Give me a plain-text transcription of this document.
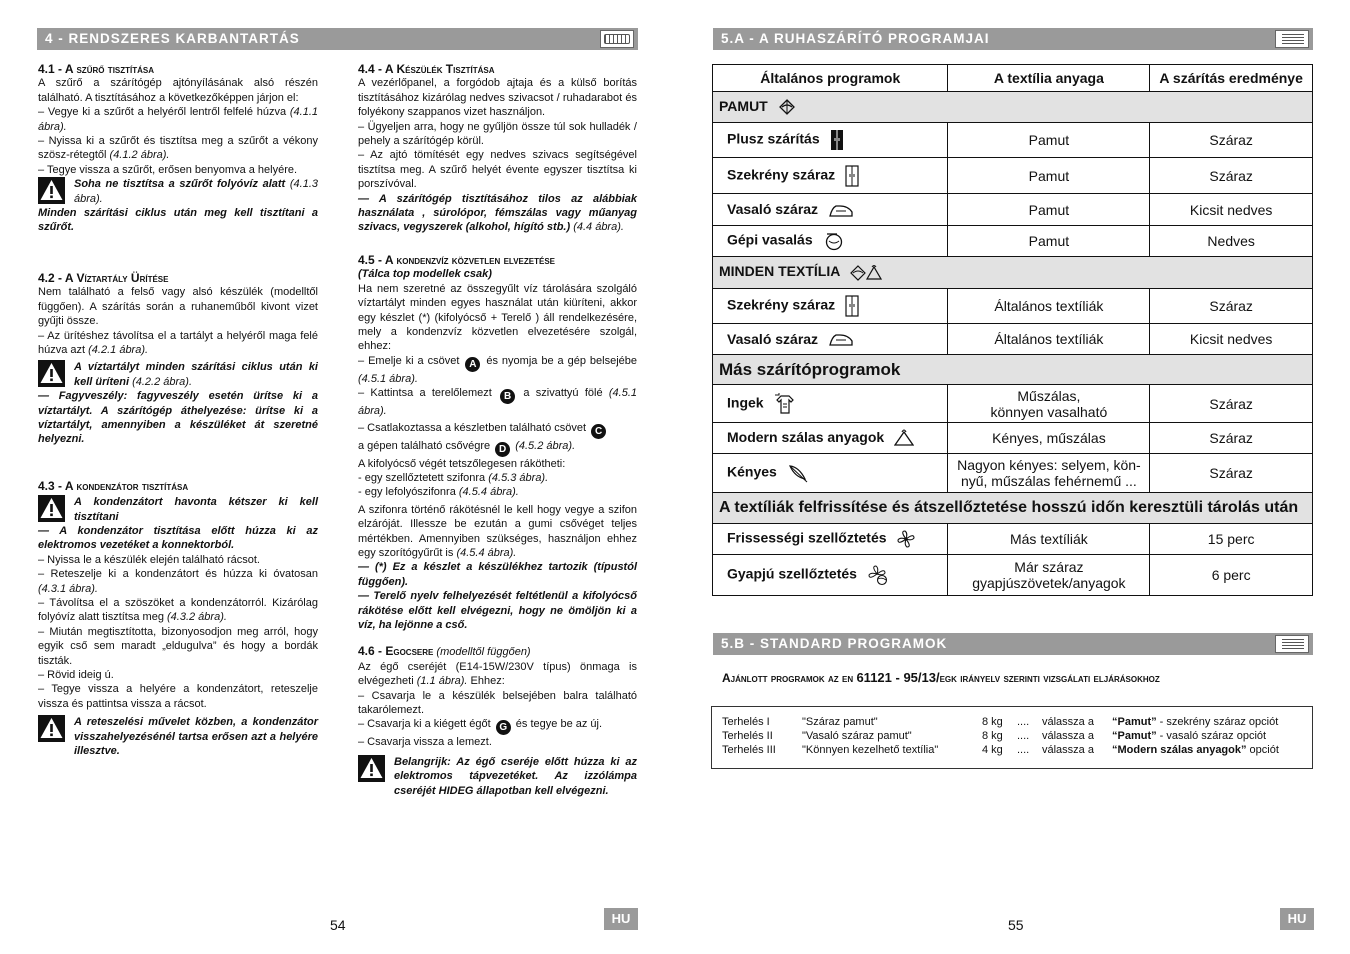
4 - RENDSZERES KARBANTARTÁS

4.1 - A szűrő tisztítása

A szűrő a szárítógép ajtónyílásának alsó részén található. A tisztításához a következőképpen járjon el:

– Vegye ki a szűrőt a helyéről lentről felfelé húzva (4.1.1 ábra).

– Nyissa ki a szűrőt és tisztítsa meg a szűrőt a vékony szösz-rétegtől (4.1.2 ábra).

– Tegye vissza a szűrőt, erősen benyomva a helyére.

Soha ne tisztítsa a szűrőt folyóvíz alatt (4.1.3 ábra).

Minden szárítási ciklus után meg kell tisztítani a szűrőt.

4.2 - A Víztartály Ürítése

Nem található a felső vagy alsó készülék (modelltől függően). A szárítás során a ruhaneműből kivont vizet gyűjti össze.

– Az ürítéshez távolítsa el a tartályt a helyéről maga felé húzva azt (4.2.1 ábra).

A víztartályt minden szárítási ciklus után ki kell üríteni (4.2.2 ábra).

— Fagyveszély: fagyveszély esetén ürítse ki a víztartályt. A szárítógép áthelyezése: ürítse ki a víztartályt, amennyiben a készüléket át szeretné helyezni.

4.3 - A kondenzátor tisztítása

A kondenzátort havonta kétszer ki kell tisztítani

— A kondenzátor tisztítása előtt húzza ki az elektromos vezetéket a konnektorból.

– Nyissa le a készülék elején található rácsot.

– Reteszelje ki a kondenzátort és húzza ki óvatosan (4.3.1 ábra).

– Távolítsa el a szöszöket a kondenzátorról. Kizárólag folyóvíz alatt tisztítsa meg (4.3.2 ábra).

– Miután megtisztította, bizonyosodjon meg arról, hogy egyik cső sem maradt „eldugulva” és hogy a bordák tiszták.

– Rövid ideig ú.

– Tegye vissza a helyére a kondenzátort, reteszelje vissza és pattintsa vissza a rácsot.

A reteszelési művelet közben, a kondenzátor visszahelyezésénél tartsa erősen azt a helyére illesztve.

4.4 - A Készülék Tisztítása

A vezérlőpanel, a forgódob ajtaja és a külső borítás tisztításához kizárólag nedves szivacsot / ruhadarabot és folyékony szappanos vizet használjon.

– Ügyeljen arra, hogy ne gyűljön össze túl sok hulladék / pehely a szárítógép körül.

– Az ajtó tömítését egy nedves szivacs segítségével tisztítsa meg. A szűrő helyét évente egyszer tisztítsa ki porszívóval.

— A szárítógép tisztításához tilos az alábbiak használata , súrolópor, fémszálas vagy műanyag szivacs, vegyszerek (alkohol, hígító stb.) (4.4 ábra).

4.5 - A kondenzvíz közvetlen elvezetése

(Tálca top modellek csak)

Ha nem szeretné az összegyűlt víz tárolására szolgáló víztartályt minden egyes használat után kiüríteni, akkor egy készlet (*) (kifolyócső + Terelő ) áll rendelkezésére, mely a kondenzvíz közvetlen elvezetésére szolgál, ehhez:

– Emelje ki a csövet A és nyomja be a gép belsejébe (4.5.1 ábra).

– Kattintsa a terelőlemezt B a szivattyú fölé (4.5.1 ábra).

– Csatlakoztassa a készletben található csövet C
a gépen található csővégre D (4.5.2 ábra).

A kifolyócső végét tetszőlegesen rákötheti:

- egy szellőztetett szifonra (4.5.3 ábra).

- egy lefolyószifonra (4.5.4 ábra).

A szifonra történő rákötésnél le kell hogy vegye a szifon elzáróját. Illessze be ezután a gumi csővéget teljes mértékben. Amennyiben szükséges, használjon ehhez egy szorítógyűrűt is (4.5.4 ábra).

— (*) Ez a készlet a készülékhez tartozik (típustól függően).

— Terelő nyelv felhelyezését feltétlenül a kifolyócső rákötése előtt kell elvégezni, hogy ne ömöljön ki a víz, ha lejönne a cső.

4.6 - Egocsere (modelltől függően)

Az égő cseréjét (E14-15W/230V típus) önmaga is elvégezheti (1.1 ábra). Ehhez:

– Csavarja le a készülék belsejében balra található takarólemezt.

– Csavarja ki a kiégett égőt G és tegye be az új.

– Csavarja vissza a lemezt.

Belangrijk: Az égő cseréje előtt húzza ki az elektromos tápvezetéket. Az izzólámpa cseréjét HIDEG állapotban kell elvégezni.

54	HU
5.A - A RUHASZÁRÍTÓ PROGRAMJAI
Általános programok	A textília anyaga	A szárítás eredménye
PAMUT		
Plusz szárítás	Pamut	Száraz
Szekrény száraz	Pamut	Száraz
Vasaló száraz	Pamut	Kicsit nedves
Gépi vasalás	Pamut	Nedves
MINDEN TEXTÍLIA		
Szekrény száraz	Általános textíliák	Száraz
Vasaló száraz	Általános textíliák	Kicsit nedves
Más szárítóprogramok		
Ingek	Műszálas,
könnyen vasalható	Száraz
Modern szálas anyagok	Kényes, műszálas	Száraz
Kényes	Nagyon kényes: selyem, kön-
nyű, műszálas fehérnemű ...	Száraz
A textíliák felfrissítése és átszellőztetése hosszú időn keresztüli tárolás után		
Frissességi szellőztetés	Más textíliák	15 perc
Gyapjú szellőztetés	Már száraz
gyapjúszövetek/anyagok	6 perc
5.B - STANDARD PROGRAMOK
Ajánlott programok az en 61121 - 95/13/egk irányelv szerinti vizsgálati eljárásokhoz
Terhelés I	"Száraz pamut"	8 kg .... válassza a “Pamut” - szekrény száraz opciót
Terhelés II	"Vasaló száraz pamut"	8 kg .... válassza a “Pamut” - vasaló száraz opciót
Terhelés III "Könnyen kezelhető textília"	4 kg .... válassza a “Modern szálas anyagok” opciót
55	HU
